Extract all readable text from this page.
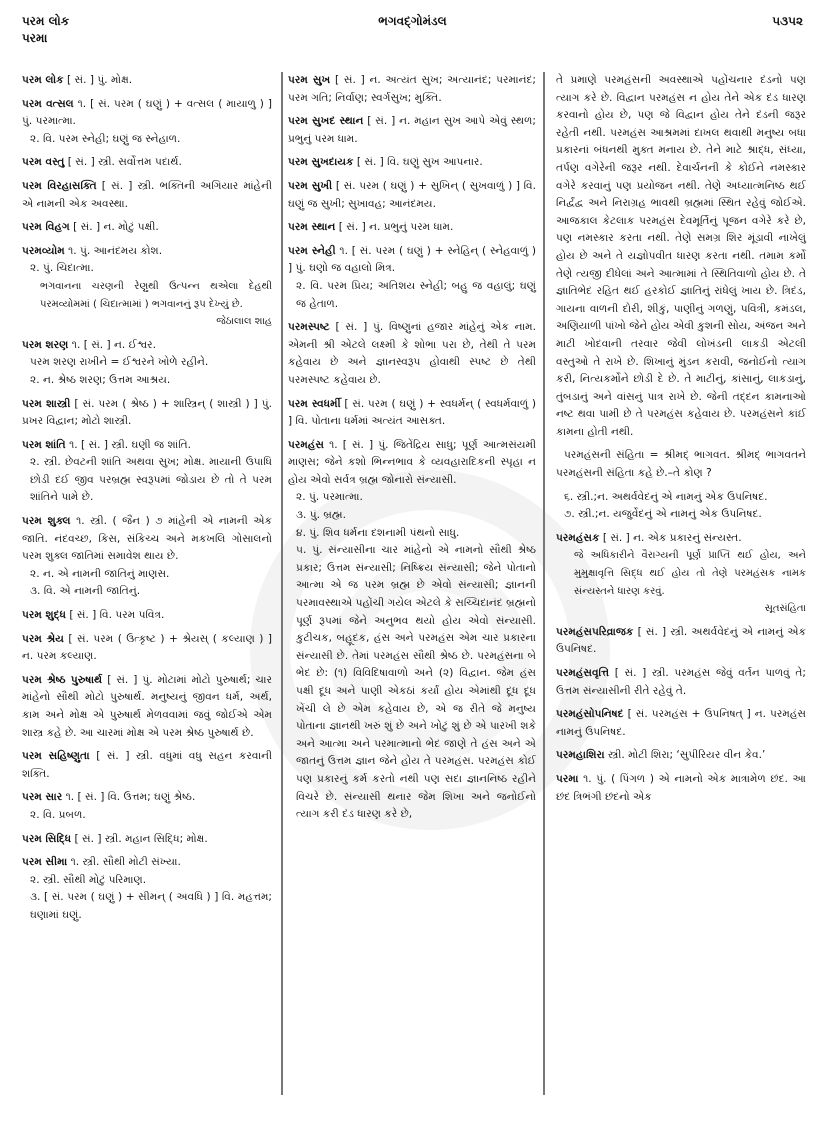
પરમ લોક
પરમા
ભગવદ્ગોમંડલ	૫૩૫૨

પરમ લોક [ સં. ] પું. મોક્ષ.

પરમ વત્સલ ૧. [ સં. પરમ ( ઘણું ) + વત્સલ ( માયાળુ ) ] પું. પરમાત્મા.

૨. વિ. પરમ સ્નેહી; ઘણું જ સ્નેહાળ.

પરમ વસ્તુ [ સં. ] સ્ત્રી. સર્વોત્તમ પદાર્થ.

પરમ વિરહાસક્તિ [ સં. ] સ્ત્રી. ભક્તિની અગિયાર માંહેની એ નામની એક અવસ્થા.

પરમ વિહગ [ સં. ] ન. મોટું પક્ષી.

પરમવ્યોમ ૧. પું. આનંદમય કોશ.

૨. પું. ચિદાત્મા.

ભગવાનના ચરણની રેણુથી ઉત્પન્ન થએલા દેહથી પરમવ્યોમમાં ( ચિદાત્મામાં ) ભગવાનનું રૂપ દેખ્યું છે.

જેઠાલાલ શાહ

પરમ શરણ ૧. [ સં. ] ન. ઈશ્વર.

પરમ શરણ રાખીને = ઈશ્વરને ખોળે રહીને.

૨. ન. શ્રેષ્ઠ શરણ; ઉત્તમ આશ્રય.

પરમ શાસ્ત્રી [ સં. પરમ ( શ્રેષ્ઠ ) + શાસ્ત્રિન્ ( શાસ્ત્રી ) ] પું. પ્રખર વિદ્વાન; મોટો શાસ્ત્રી.

પરમ શાંતિ ૧. [ સં. ] સ્ત્રી. ઘણી જ શાંતિ.

૨. સ્ત્રી. છેવટની શાંતિ અથવા સુખ; મોક્ષ. માયાની ઉપાધિ છોડી દઈ જીવ પરબ્રહ્મ સ્વરૂપમાં જોડાય છે તો તે પરમ શાંતિને પામે છે.

પરમ શુક્લ ૧. સ્ત્રી. ( જૈન ) ૭ માંહેની એ નામની એક જાતિ. નંદવચ્છ, કિસ, સંકિચ્ચ અને મકખલિ ગોસાલનો પરમ શુક્લ જાતિમાં સમાવેશ થાય છે.

૨. ન. એ નામની જાતિનું માણસ.

૩. વિ. એ નામની જાતિનું.

પરમ શુદ્ધ [ સં. ] વિ. પરમ પવિત્ર.

પરમ શ્રેય [ સં. પરમ ( ઉત્કૃષ્ટ ) + શ્રેયસ્ ( કલ્યાણ ) ] ન. પરમ કલ્યાણ.

પરમ શ્રેષ્ઠ પુરુષાર્થ [ સં. ] પું. મોટામાં મોટો પુરુષાર્થ; ચાર માંહેનો સૌથી મોટો પુરુષાર્થ. મનુષ્યનું જીવન ધર્મ, અર્થ, કામ અને મોક્ષ એ પુરુષાર્થ મેળવવામાં જવું જોઈએ એમ શાસ્ત્ર કહે છે. આ ચારમાં મોક્ષ એ પરમ શ્રેષ્ઠ પુરુષાર્થ છે.

પરમ સહિષ્ણુતા [ સં. ] સ્ત્રી. વધુમાં વધુ સહન કરવાની શક્તિ.

પરમ સાર ૧. [ સં. ] વિ. ઉત્તમ; ઘણું શ્રેષ્ઠ.

૨. વિ. પ્રબળ.

પરમ સિદ્ધિ [ સં. ] સ્ત્રી. મહાન સિદ્ધિ; મોક્ષ.

પરમ સીમા ૧. સ્ત્રી. સૌથી મોટી સંખ્યા.

૨. સ્ત્રી. સૌથી મોટું પરિમાણ.

૩. [ સં. પરમ ( ઘણું ) + સીમન્ ( અવધિ ) ] વિ. મહત્તમ; ઘણામાં ઘણું.

પરમ સુખ [ સં. ] ન. અત્યંત સુખ; અત્યાનંદ; પરમાનંદ; પરમ ગતિ; નિર્વાણ; સ્વર્ગસુખ; મુક્તિ.

પરમ સુખદ સ્થાન [ સં. ] ન. મહાન સુખ આપે એવું સ્થળ; પ્રભુનું પરમ ધામ.

પરમ સુખદાયક [ સં. ] વિ. ઘણું સુખ આપનાર.

પરમ સુખી [ સં. પરમ ( ઘણું ) + સુખિન્ ( સુખવાળું ) ] વિ. ઘણું જ સુખી; સુખાવહ; આનંદમય.

પરમ સ્થાન [ સં. ] ન. પ્રભુનું પરમ ધામ.

પરમ સ્નેહી ૧. [ સં. પરમ ( ઘણું ) + સ્નેહિન્ ( સ્નેહવાળું ) ] પું. ઘણો જ વહાલો મિત્ર.

૨. વિ. પરમ પ્રિય; અતિશય સ્નેહી; બહુ જ વહાલું; ઘણું જ હેતાળ.

પરમસ્પષ્ટ [ સં. ] પું. વિષ્ણુનાં હજાર માંહેનું એક નામ. એમની શ્રી એટલે લક્ષ્મી કે શોભા પરા છે, તેથી તે પરમ કહેવાય છે અને જ્ઞાનસ્વરૂપ હોવાથી સ્પષ્ટ છે તેથી પરમસ્પષ્ટ કહેવાય છે.

પરમ સ્વધર્મી [ સં. પરમ ( ઘણું ) + સ્વધર્મન્ ( સ્વધર્મવાળું ) ] વિ. પોતાના ધર્મમાં અત્યંત આસક્ત.

પરમહંસ ૧. [ સં. ] પું. જિતેંદ્રિય સાધુ; પૂર્ણ આત્મસંયમી માણસ; જેને કશો ભિન્નભાવ કે વ્યવહારાદિકની સ્પૃહા ન હોય એવો સર્વત્ર બ્રહ્મ જોનારો સંન્યાસી.

૨. પું. પરમાત્મા.

૩. પું. બ્રહ્મ.

૪. પું. શિવ ધર્મના દશનામી પંથનો સાધુ.

૫. પું. સંન્યાસીના ચાર માંહેનો એ નામનો સૌથી શ્રેષ્ઠ પ્રકાર; ઉત્તમ સંન્યાસી; નિષ્ક્રિય સંન્યાસી; જેને પોતાનો આત્મા એ જ પરમ બ્રહ્મ છે એવો સંન્યાસી; જ્ઞાનની પરમાવસ્થાએ પહોંચી ગયેલ એટલે કે સચ્ચિદાનંદ બ્રહ્મનો પૂર્ણ રૂપમાં જેને અનુભવ થયો હોય એવો સંન્યાસી. કુટીચક, બહૂદક, હંસ અને પરમહંસ એમ ચાર પ્રકારના સંન્યાસી છે. તેમાં પરમહંસ સૌથી શ્રેષ્ઠ છે. પરમહંસના બે ભેદ છે: (૧) વિવિદિષાવાળો અને (૨) વિદ્વાન. જેમ હંસ પક્ષી દૂધ અને પાણી એકઠાં કર્યાં હોય એમાંથી દૂધ દૂધ ખેંચી લે છે એમ કહેવાય છે, એ જ રીતે જે મનુષ્ય પોતાના જ્ઞાનથી ખરું શું છે અને ખોટું શું છે એ પારખી શકે અને આત્મા અને પરમાત્માનો ભેદ જાણે તે હંસ અને એ જાતનું ઉત્તમ જ્ઞાન જેને હોય તે પરમહંસ. પરમહંસ કોઈ પણ પ્રકારનું કર્મ કરતો નથી પણ સદા જ્ઞાનનિષ્ઠ રહીને વિચરે છે. સંન્યાસી થનાર જેમ શિખા અને જનોઈનો ત્યાગ કરી દંડ ધારણ કરે છે,

તે પ્રમાણે પરમહંસની અવસ્થાએ પહોંચનાર દંડનો પણ ત્યાગ કરે છે. વિદ્વાન પરમહંસ ન હોય તેને એક દંડ ધારણ કરવાનો હોય છે, પણ જે વિદ્વાન હોય તેને દંડની જરૂર રહેતી નથી. પરમહંસ આશ્રમમાં દાખલ થવાથી મનુષ્ય બધા પ્રકારનાં બંધનથી મુક્ત મનાય છે. તેને માટે શ્રાદ્ધ, સંધ્યા, તર્પણ વગેરેની જરૂર નથી. દેવાર્ચનની કે કોઈને નમસ્કાર વગેરે કરવાનું પણ પ્રયોજન નથી. તેણે અધ્યાત્મનિષ્ઠ થઈ નિર્દ્વંદ્વ અને નિરાગ્રહ ભાવથી બ્રહ્મમાં સ્થિત રહેવું જોઈએ. આજકાલ કેટલાક પરમહંસ દેવમૂર્તિનું પૂજન વગેરે કરે છે, પણ નમસ્કાર કરતા નથી. તેણે સમગ્ર શિર મૂંડાવી નાખેલું હોય છે અને તે યજ્ઞોપવીત ધારણ કરતા નથી. તમામ કર્મો તેણે ત્યજી દીધેલાં અને આત્મામાં તે સ્થિતિવાળો હોય છે. તે જ્ઞાતિભેદ રહિત થઈ હરકોઈ જ્ઞાતિનું રાંધેલું ખાય છે. ત્રિદંડ, ગાયના વાળની દોરી, શીકું, પાણીનું ગળણું, પવિત્રી, કમંડલ, અણિયાળી પાંખો જેને હોય એવી કુશની સોય, અંજન અને માટી ખોદવાની તરવાર જેવી લોખંડની લાકડી એટલી વસ્તુઓ તે રાખે છે. શિખાનું મુંડન કરાવી, જનોઈનો ત્યાગ કરી, નિત્યકર્મોને છોડી દે છે. તે માટીનું, કાંસાનું, લાકડાનું, તુંબડાનું અને વાંસનું પાત્ર રાખે છે. જેની તદ્દન કામનાઓ નષ્ટ થવા પામી છે તે પરમહંસ કહેવાય છે. પરમહંસને કાંઈ કામના હોતી નથી.

પરમહંસની સંહિતા = શ્રીમદ્ ભાગવત. શ્રીમદ્ ભાગવતને પરમહંસની સંહિતા કહે છે.–તે કોણ ?

૬. સ્ત્રી.;ન. અથર્વવેદનું એ નામનું એક ઉપનિષદ.

૭. સ્ત્રી.;ન. યજુર્વેદનું એ નામનું એક ઉપનિષદ.

પરમહંસક [ સં. ] ન. એક પ્રકારનું સંન્યસ્ત.

જે અધિકારીને વૈરાગ્યની પૂર્ણ પ્રાપ્તિ થઈ હોય, અને મુમુક્ષાવૃત્તિ સિદ્ધ થઈ હોય તો તેણે પરમહંસક નામક સંન્યસ્તને ધારણ કરવું.

સૂતસંહિતા

પરમહંસપરિવ્રાજક [ સં. ] સ્ત્રી. અથર્વવેદનું એ નામનું એક ઉપનિષદ.

પરમહંસવૃત્તિ [ સં. ] સ્ત્રી. પરમહંસ જેવું વર્તન પાળવું તે; ઉત્તમ સંન્યાસીની રીતે રહેવું તે.

પરમહંસોપનિષદ [ સં. પરમહંસ + ઉપનિષત્ ] ન. પરમહંસ નામનું ઉપનિષદ.

પરમહાશિરા સ્ત્રી. મોટી શિરા; ‘સુપીરિયર વીન કેવ.’

પરમા ૧. પું. ( પિંગળ ) એ નામનો એક માત્રામેળ છંદ. આ છંદ ત્રિભંગી છંદનો એક
